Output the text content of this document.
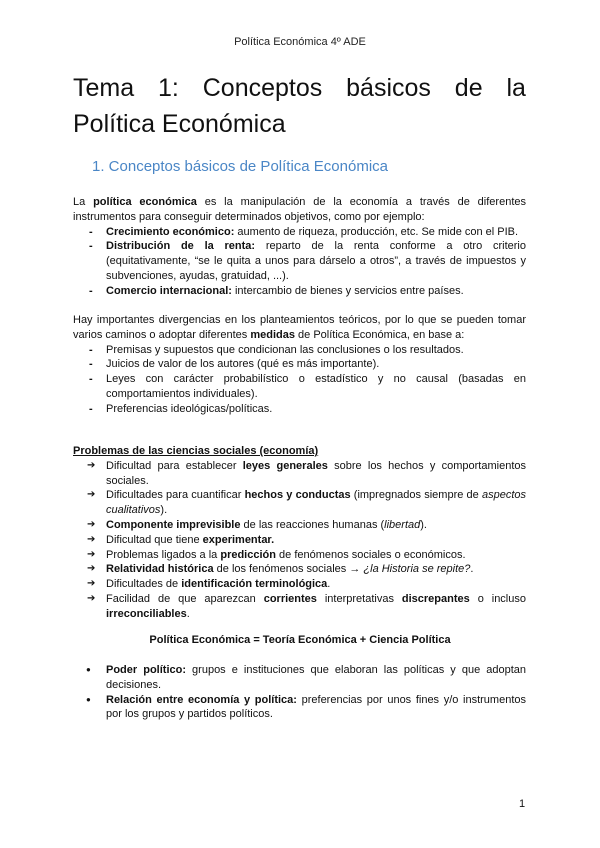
Política Económica 4º ADE
Tema 1: Conceptos básicos de la
Política Económica
1. Conceptos básicos de Política Económica
La política económica es la manipulación de la economía a través de diferentes instrumentos para conseguir determinados objetivos, como por ejemplo:
- Crecimiento económico: aumento de riqueza, producción, etc. Se mide con el PIB.
- Distribución de la renta: reparto de la renta conforme a otro criterio (equitativamente, “se le quita a unos para dárselo a otros”, a través de impuestos y subvenciones, ayudas, gratuidad, ...).
- Comercio internacional: intercambio de bienes y servicios entre países.
Hay importantes divergencias en los planteamientos teóricos, por lo que se pueden tomar varios caminos o adoptar diferentes medidas de Política Económica, en base a:
- Premisas y supuestos que condicionan las conclusiones o los resultados.
- Juicios de valor de los autores (qué es más importante).
- Leyes con carácter probabilístico o estadístico y no causal (basadas en comportamientos individuales).
- Preferencias ideológicas/políticas.
Problemas de las ciencias sociales (economía)
➔ Dificultad para establecer leyes generales sobre los hechos y comportamientos sociales.
➔ Dificultades para cuantificar hechos y conductas (impregnados siempre de aspectos cualitativos).
➔ Componente imprevisible de las reacciones humanas (libertad).
➔ Dificultad que tiene experimentar.
➔ Problemas ligados a la predicción de fenómenos sociales o económicos.
➔ Relatividad histórica de los fenómenos sociales → ¿la Historia se repite?.
➔ Dificultades de identificación terminológica.
➔ Facilidad de que aparezcan corrientes interpretativas discrepantes o incluso irreconciliables.
Política Económica = Teoría Económica + Ciencia Política
● Poder político: grupos e instituciones que elaboran las políticas y que adoptan decisiones.
● Relación entre economía y política: preferencias por unos fines y/o instrumentos por los grupos y partidos políticos.
1
